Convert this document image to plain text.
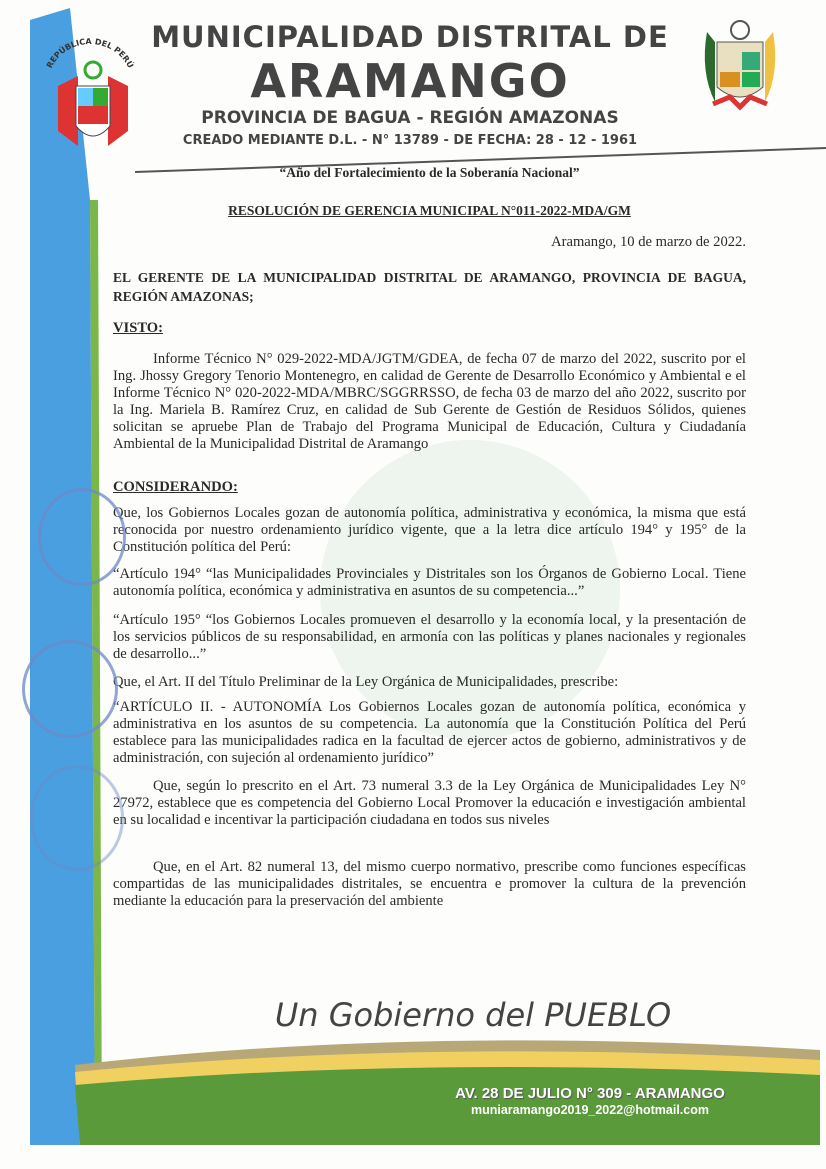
REPÚBLICA DEL PERÚ
MUNICIPALIDAD DISTRITAL DE
ARAMANGO
PROVINCIA DE BAGUA - REGIÓN AMAZONAS
CREADO MEDIANTE D.L. - N° 13789 - DE FECHA: 28 - 12 - 1961
“Año del Fortalecimiento de la Soberanía Nacional”
RESOLUCIÓN DE GERENCIA MUNICIPAL N°011-2022-MDA/GM
Aramango, 10 de marzo de 2022.
EL GERENTE DE LA MUNICIPALIDAD DISTRITAL DE ARAMANGO, PROVINCIA DE BAGUA, REGIÓN AMAZONAS;
VISTO:
Informe Técnico N° 029-2022-MDA/JGTM/GDEA, de fecha 07 de marzo del 2022, suscrito por el Ing. Jhossy Gregory Tenorio Montenegro, en calidad de Gerente de Desarrollo Económico y Ambiental e el Informe Técnico N° 020-2022-MDA/MBRC/SGGRRSSO, de fecha 03 de marzo del año 2022, suscrito por la Ing. Mariela B. Ramírez Cruz, en calidad de Sub Gerente de Gestión de Residuos Sólidos, quienes solicitan se apruebe Plan de Trabajo del Programa Municipal de Educación, Cultura y Ciudadanía Ambiental de la Municipalidad Distrital de Aramango
CONSIDERANDO:
Que, los Gobiernos Locales gozan de autonomía política, administrativa y económica, la misma que está reconocida por nuestro ordenamiento jurídico vigente, que a la letra dice artículo 194° y 195° de la Constitución política del Perú:
“Artículo 194° “las Municipalidades Provinciales y Distritales son los Órganos de Gobierno Local. Tiene autonomía política, económica y administrativa en asuntos de su competencia...”
“Artículo 195° “los Gobiernos Locales promueven el desarrollo y la economía local, y la presentación de los servicios públicos de su responsabilidad, en armonía con las políticas y planes nacionales y regionales de desarrollo...”
Que, el Art. II del Título Preliminar de la Ley Orgánica de Municipalidades, prescribe:
“ARTÍCULO II. - AUTONOMÍA Los Gobiernos Locales gozan de autonomía política, económica y administrativa en los asuntos de su competencia. La autonomía que la Constitución Política del Perú establece para las municipalidades radica en la facultad de ejercer actos de gobierno, administrativos y de administración, con sujeción al ordenamiento jurídico”
Que, según lo prescrito en el Art. 73 numeral 3.3 de la Ley Orgánica de Municipalidades Ley N° 27972, establece que es competencia del Gobierno Local Promover la educación e investigación ambiental en su localidad e incentivar la participación ciudadana en todos sus niveles
Que, en el Art. 82 numeral 13, del mismo cuerpo normativo, prescribe como funciones específicas compartidas de las municipalidades distritales, se encuentra e promover la cultura de la prevención mediante la educación para la preservación del ambiente
Un Gobierno del PUEBLO
AV. 28 DE JULIO N° 309 - ARAMANGO
muniaramango2019_2022@hotmail.com
